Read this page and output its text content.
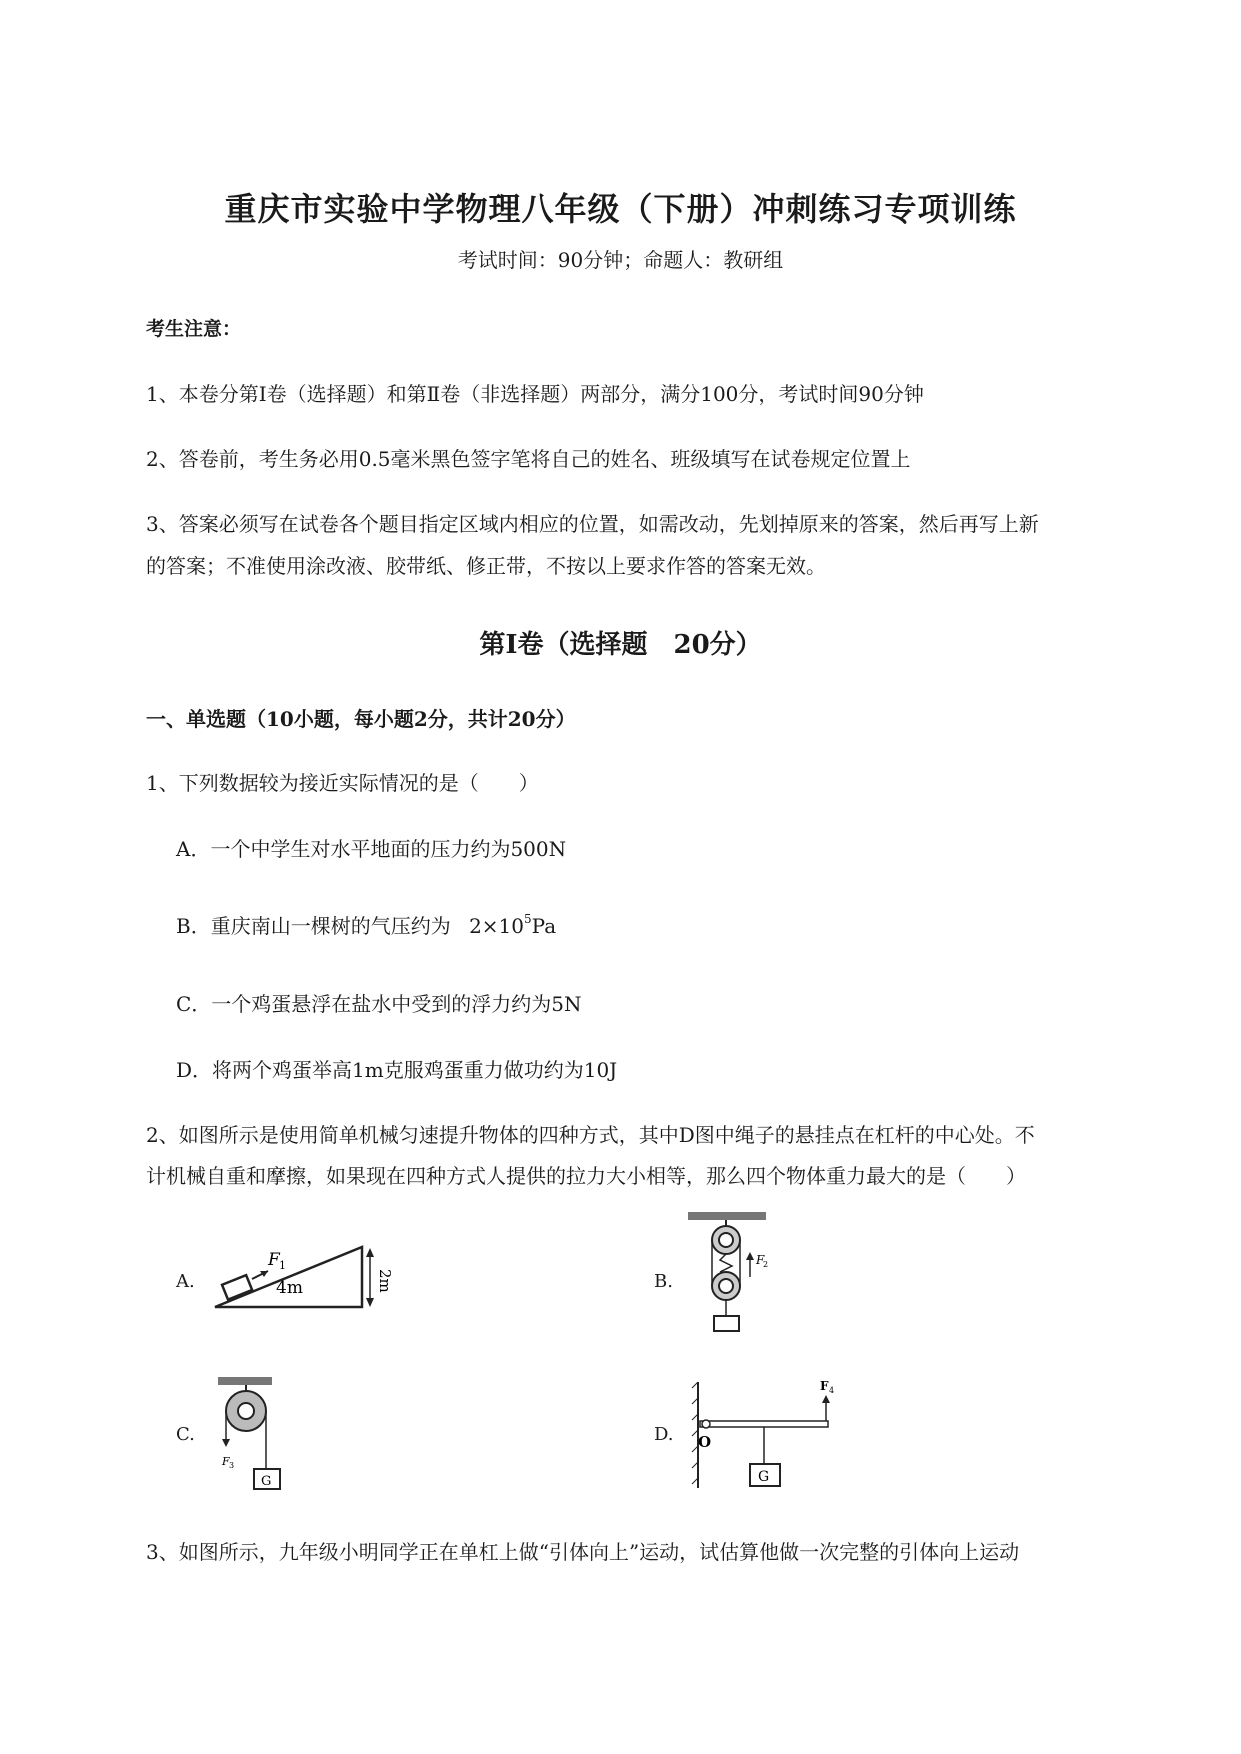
重庆市实验中学物理八年级（下册）冲刺练习专项训练
考试时间：90分钟；命题人：教研组
考生注意：
1、本卷分第Ⅰ卷（选择题）和第Ⅱ卷（非选择题）两部分，满分100分，考试时间90分钟
2、答卷前，考生务必用0.5毫米黑色签字笔将自己的姓名、班级填写在试卷规定位置上
3、答案必须写在试卷各个题目指定区域内相应的位置，如需改动，先划掉原来的答案，然后再写上新
的答案；不准使用涂改液、胶带纸、修正带，不按以上要求作答的答案无效。
第Ⅰ卷（选择题　20分）
一、单选题（10小题，每小题2分，共计20分）
1、下列数据较为接近实际情况的是（　　）
A．一个中学生对水平地面的压力约为500N
B．重庆南山一棵树的气压约为 $2\times 10^5Pa$
C．一个鸡蛋悬浮在盐水中受到的浮力约为5N
D．将两个鸡蛋举高1m克服鸡蛋重力做功约为10J
2、如图所示是使用简单机械匀速提升物体的四种方式，其中D图中绳子的悬挂点在杠杆的中心处。不
计机械自重和摩擦，如果现在四种方式人提供的拉力大小相等，那么四个物体重力最大的是（　　）
A.	B.
C.	D.
F 1
4m	2m
F
2
F 3
G
O
F 4
G
3、如图所示，九年级小明同学正在单杠上做“引体向上”运动，试估算他做一次完整的引体向上运动
